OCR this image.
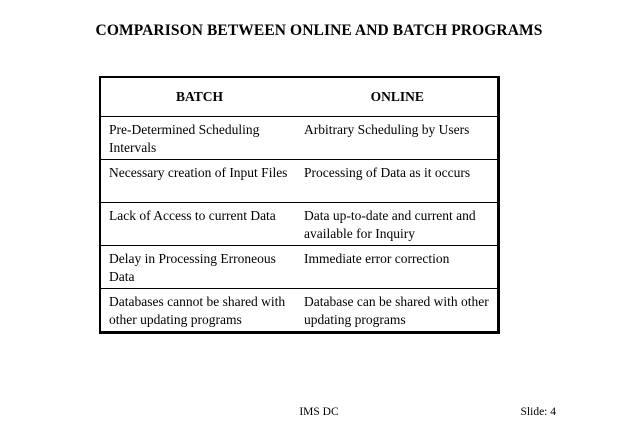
COMPARISON BETWEEN ONLINE AND BATCH PROGRAMS
BATCH	ONLINE
Pre-Determined Scheduling Intervals	Arbitrary Scheduling by Users
Necessary creation of Input Files	Processing of Data as it occurs
Lack of Access to current Data	Data up-to-date and current and available for Inquiry
Delay in Processing Erroneous Data	Immediate error correction
Databases cannot be shared with other updating programs	Database can be shared with other updating programs
IMS DC	Slide: 4
